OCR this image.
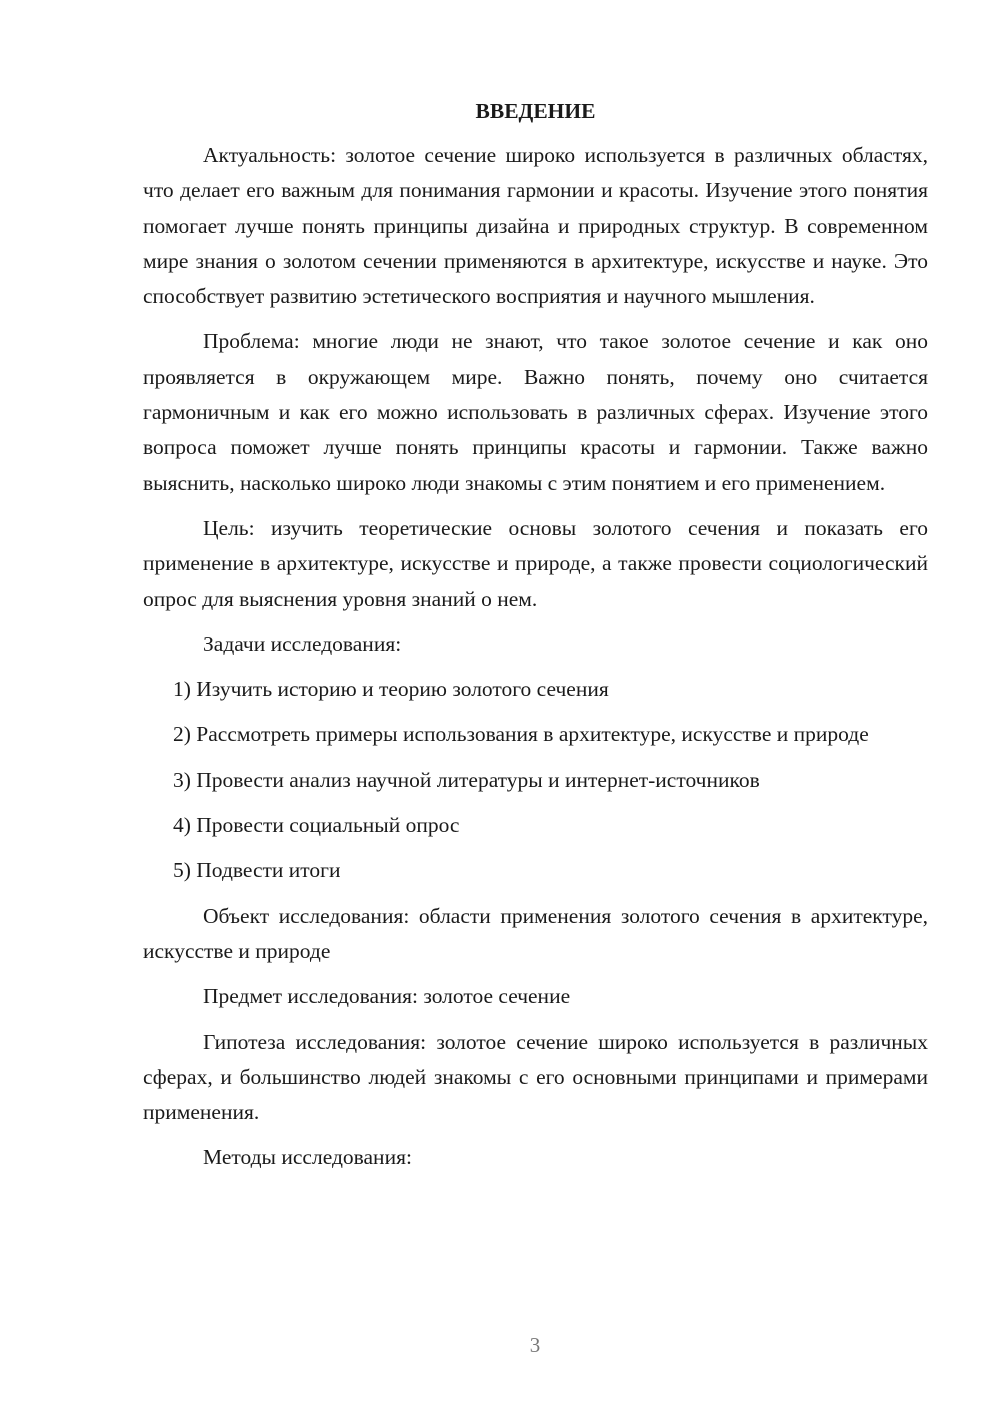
ВВЕДЕНИЕ

Актуальность: золотое сечение широко используется в различных областях, что делает его важным для понимания гармонии и красоты. Изучение этого понятия помогает лучше понять принципы дизайна и природных структур. В современном мире знания о золотом сечении применяются в архитектуре, искусстве и науке. Это способствует развитию эстетического восприятия и научного мышления.

Проблема: многие люди не знают, что такое золотое сечение и как оно проявляется в окружающем мире. Важно понять, почему оно считается гармоничным и как его можно использовать в различных сферах. Изучение этого вопроса поможет лучше понять принципы красоты и гармонии. Также важно выяснить, насколько широко люди знакомы с этим понятием и его применением.

Цель: изучить теоретические основы золотого сечения и показать его применение в архитектуре, искусстве и природе, а также провести социологический опрос для выяснения уровня знаний о нем.

Задачи исследования:

1) Изучить историю и теорию золотого сечения

2) Рассмотреть примеры использования в архитектуре, искусстве и природе

3) Провести анализ научной литературы и интернет-источников

4) Провести социальный опрос

5) Подвести итоги

Объект исследования: области применения золотого сечения в архитектуре, искусстве и природе

Предмет исследования: золотое сечение

Гипотеза исследования: золотое сечение широко используется в различных сферах, и большинство людей знакомы с его основными принципами и примерами применения.

Методы исследования:

3
